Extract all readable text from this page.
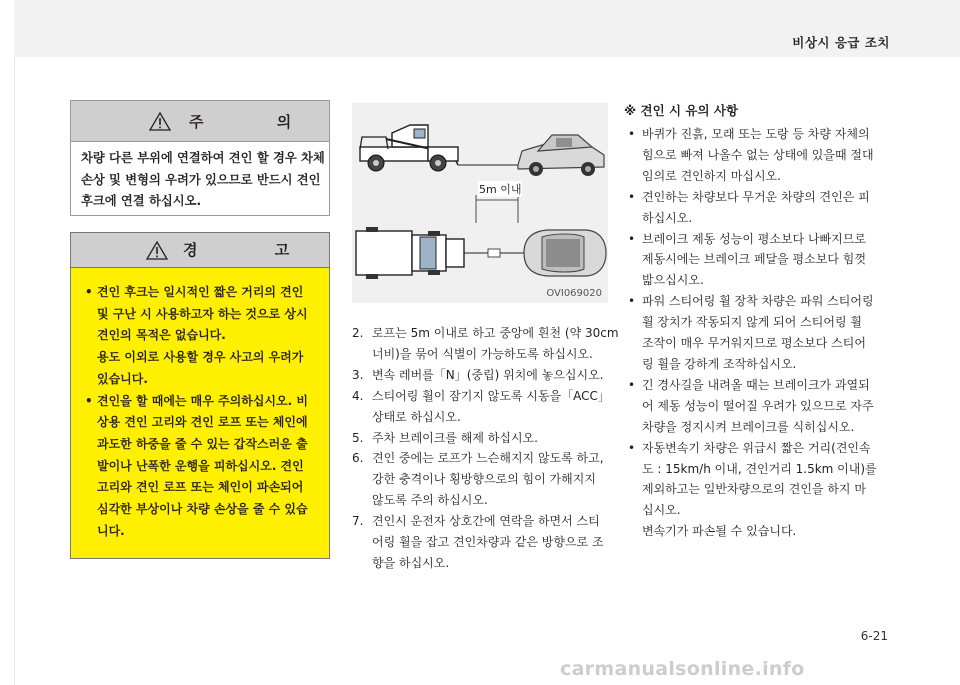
비상시 응급 조치
주 의
차량 다른 부위에 연결하여 견인 할 경우 차체
손상 및 변형의 우려가 있으므로 반드시 견인
후크에 연결 하십시오.
경 고
• 견인 후크는 일시적인 짧은 거리의 견인
및 구난 시 사용하고자 하는 것으로 상시
견인의 목적은 없습니다.
용도 이외로 사용할 경우 사고의 우려가
있습니다.
• 견인을 할 때에는 매우 주의하십시오. 비
상용 견인 고리와 견인 로프 또는 체인에
과도한 하중을 줄 수 있는 갑작스러운 출
발이나 난폭한 운행을 피하십시오. 견인
고리와 견인 로프 또는 체인이 파손되어
심각한 부상이나 차량 손상을 줄 수 있습
니다.
5m 이내
OVI069020
2. 로프는 5m 이내로 하고 중앙에 흰천 (약 30cm
너비)을 묶어 식별이 가능하도록 하십시오.
3. 변속 레버를「N」(중립) 위치에 놓으십시오.
4. 스티어링 휠이 잠기지 않도록 시동을「ACC」
상태로 하십시오.
5. 주차 브레이크를 해제 하십시오.
6. 견인 중에는 로프가 느슨해지지 않도록 하고,
강한 충격이나 횡방향으로의 힘이 가해지지
않도록 주의 하십시오.
7. 견인시 운전자 상호간에 연락을 하면서 스티
어링 휠을 잡고 견인차량과 같은 방향으로 조
향을 하십시오.
※ 견인 시 유의 사항
• 바퀴가 진흙, 모래 또는 도랑 등 차량 자체의
힘으로 빠져 나올수 없는 상태에 있을때 절대
임의로 견인하지 마십시오.
• 견인하는 차량보다 무거운 차량의 견인은 피
하십시오.
• 브레이크 제동 성능이 평소보다 나빠지므로
제동시에는 브레이크 페달을 평소보다 힘껏
밟으십시오.
• 파워 스티어링 휠 장착 차량은 파워 스티어링
휠 장치가 작동되지 않게 되어 스티어링 휠
조작이 매우 무거워지므로 평소보다 스티어
링 휠을 강하게 조작하십시오.
• 긴 경사길을 내려올 때는 브레이크가 과열되
어 제동 성능이 떨어질 우려가 있으므로 자주
차량을 정지시켜 브레이크를 식히십시오.
• 자동변속기 차량은 위급시 짧은 거리(견인속
도 : 15km/h 이내, 견인거리 1.5km 이내)를
제외하고는 일반차량으로의 견인을 하지 마
십시오.
변속기가 파손될 수 있습니다.
6-21
carmanualsonline.info
